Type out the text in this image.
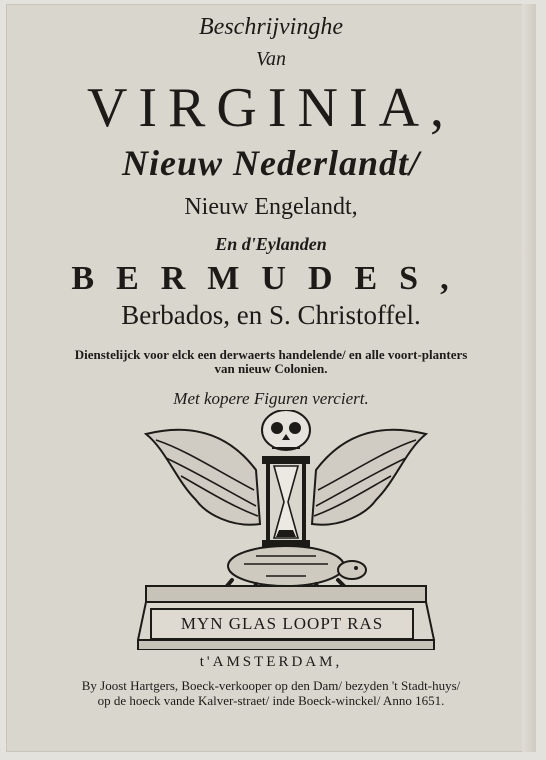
Beschrijvinghe
Van
VIRGINIA,
Nieuw Nederlandt/
Nieuw Engelandt,
En d'Eylanden
BERMUDES,
Berbados, en S. Christoffel.
Dienstelijck voor elck een derwaerts handelende/ en alle voort-planters
van nieuw Colonien.
Met kopere Figuren verciert.
MYN GLAS LOOPT RAS
t'AMSTERDAM,
By Joost Hartgers, Boeck-verkooper op den Dam/ bezyden 't Stadt-huys/
op de hoeck vande Kalver-straet/ inde Boeck-winckel/ Anno 1651.
